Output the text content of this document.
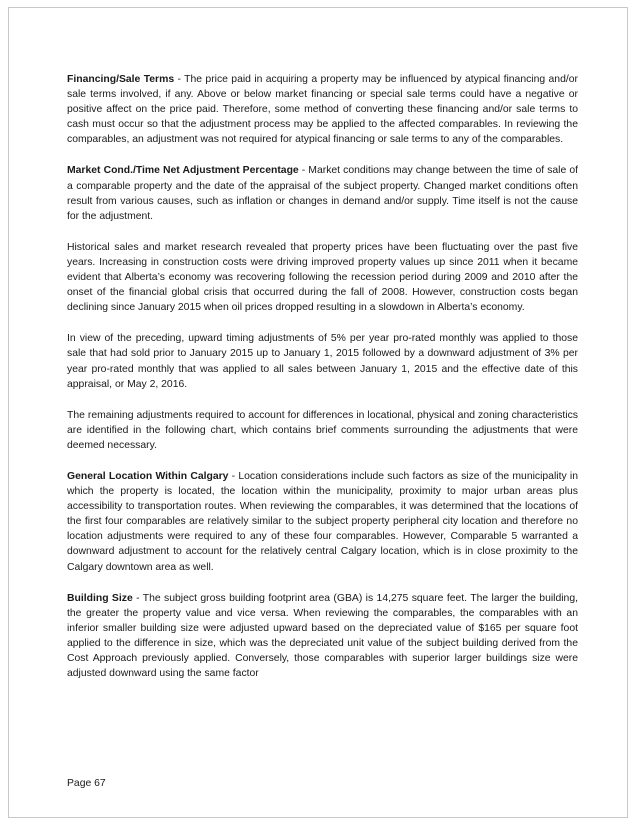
Financing/Sale Terms - The price paid in acquiring a property may be influenced by atypical financing and/or sale terms involved, if any. Above or below market financing or special sale terms could have a negative or positive affect on the price paid. Therefore, some method of converting these financing and/or sale terms to cash must occur so that the adjustment process may be applied to the affected comparables. In reviewing the comparables, an adjustment was not required for atypical financing or sale terms to any of the comparables.

Market Cond./Time Net Adjustment Percentage - Market conditions may change between the time of sale of a comparable property and the date of the appraisal of the subject property. Changed market conditions often result from various causes, such as inflation or changes in demand and/or supply. Time itself is not the cause for the adjustment.

Historical sales and market research revealed that property prices have been fluctuating over the past five years. Increasing in construction costs were driving improved property values up since 2011 when it became evident that Alberta’s economy was recovering following the recession period during 2009 and 2010 after the onset of the financial global crisis that occurred during the fall of 2008. However, construction costs began declining since January 2015 when oil prices dropped resulting in a slowdown in Alberta’s economy.

In view of the preceding, upward timing adjustments of 5% per year pro-rated monthly was applied to those sale that had sold prior to January 2015 up to January 1, 2015 followed by a downward adjustment of 3% per year pro-rated monthly that was applied to all sales between January 1, 2015 and the effective date of this appraisal, or May 2, 2016.

The remaining adjustments required to account for differences in locational, physical and zoning characteristics are identified in the following chart, which contains brief comments surrounding the adjustments that were deemed necessary.

General Location Within Calgary - Location considerations include such factors as size of the municipality in which the property is located, the location within the municipality, proximity to major urban areas plus accessibility to transportation routes. When reviewing the comparables, it was determined that the locations of the first four comparables are relatively similar to the subject property peripheral city location and therefore no location adjustments were required to any of these four comparables. However, Comparable 5 warranted a downward adjustment to account for the relatively central Calgary location, which is in close proximity to the Calgary downtown area as well.

Building Size - The subject gross building footprint area (GBA) is 14,275 square feet. The larger the building, the greater the property value and vice versa. When reviewing the comparables, the comparables with an inferior smaller building size were adjusted upward based on the depreciated value of $165 per square foot applied to the difference in size, which was the depreciated unit value of the subject building derived from the Cost Approach previously applied. Conversely, those comparables with superior larger buildings size were adjusted downward using the same factor

Page 67
